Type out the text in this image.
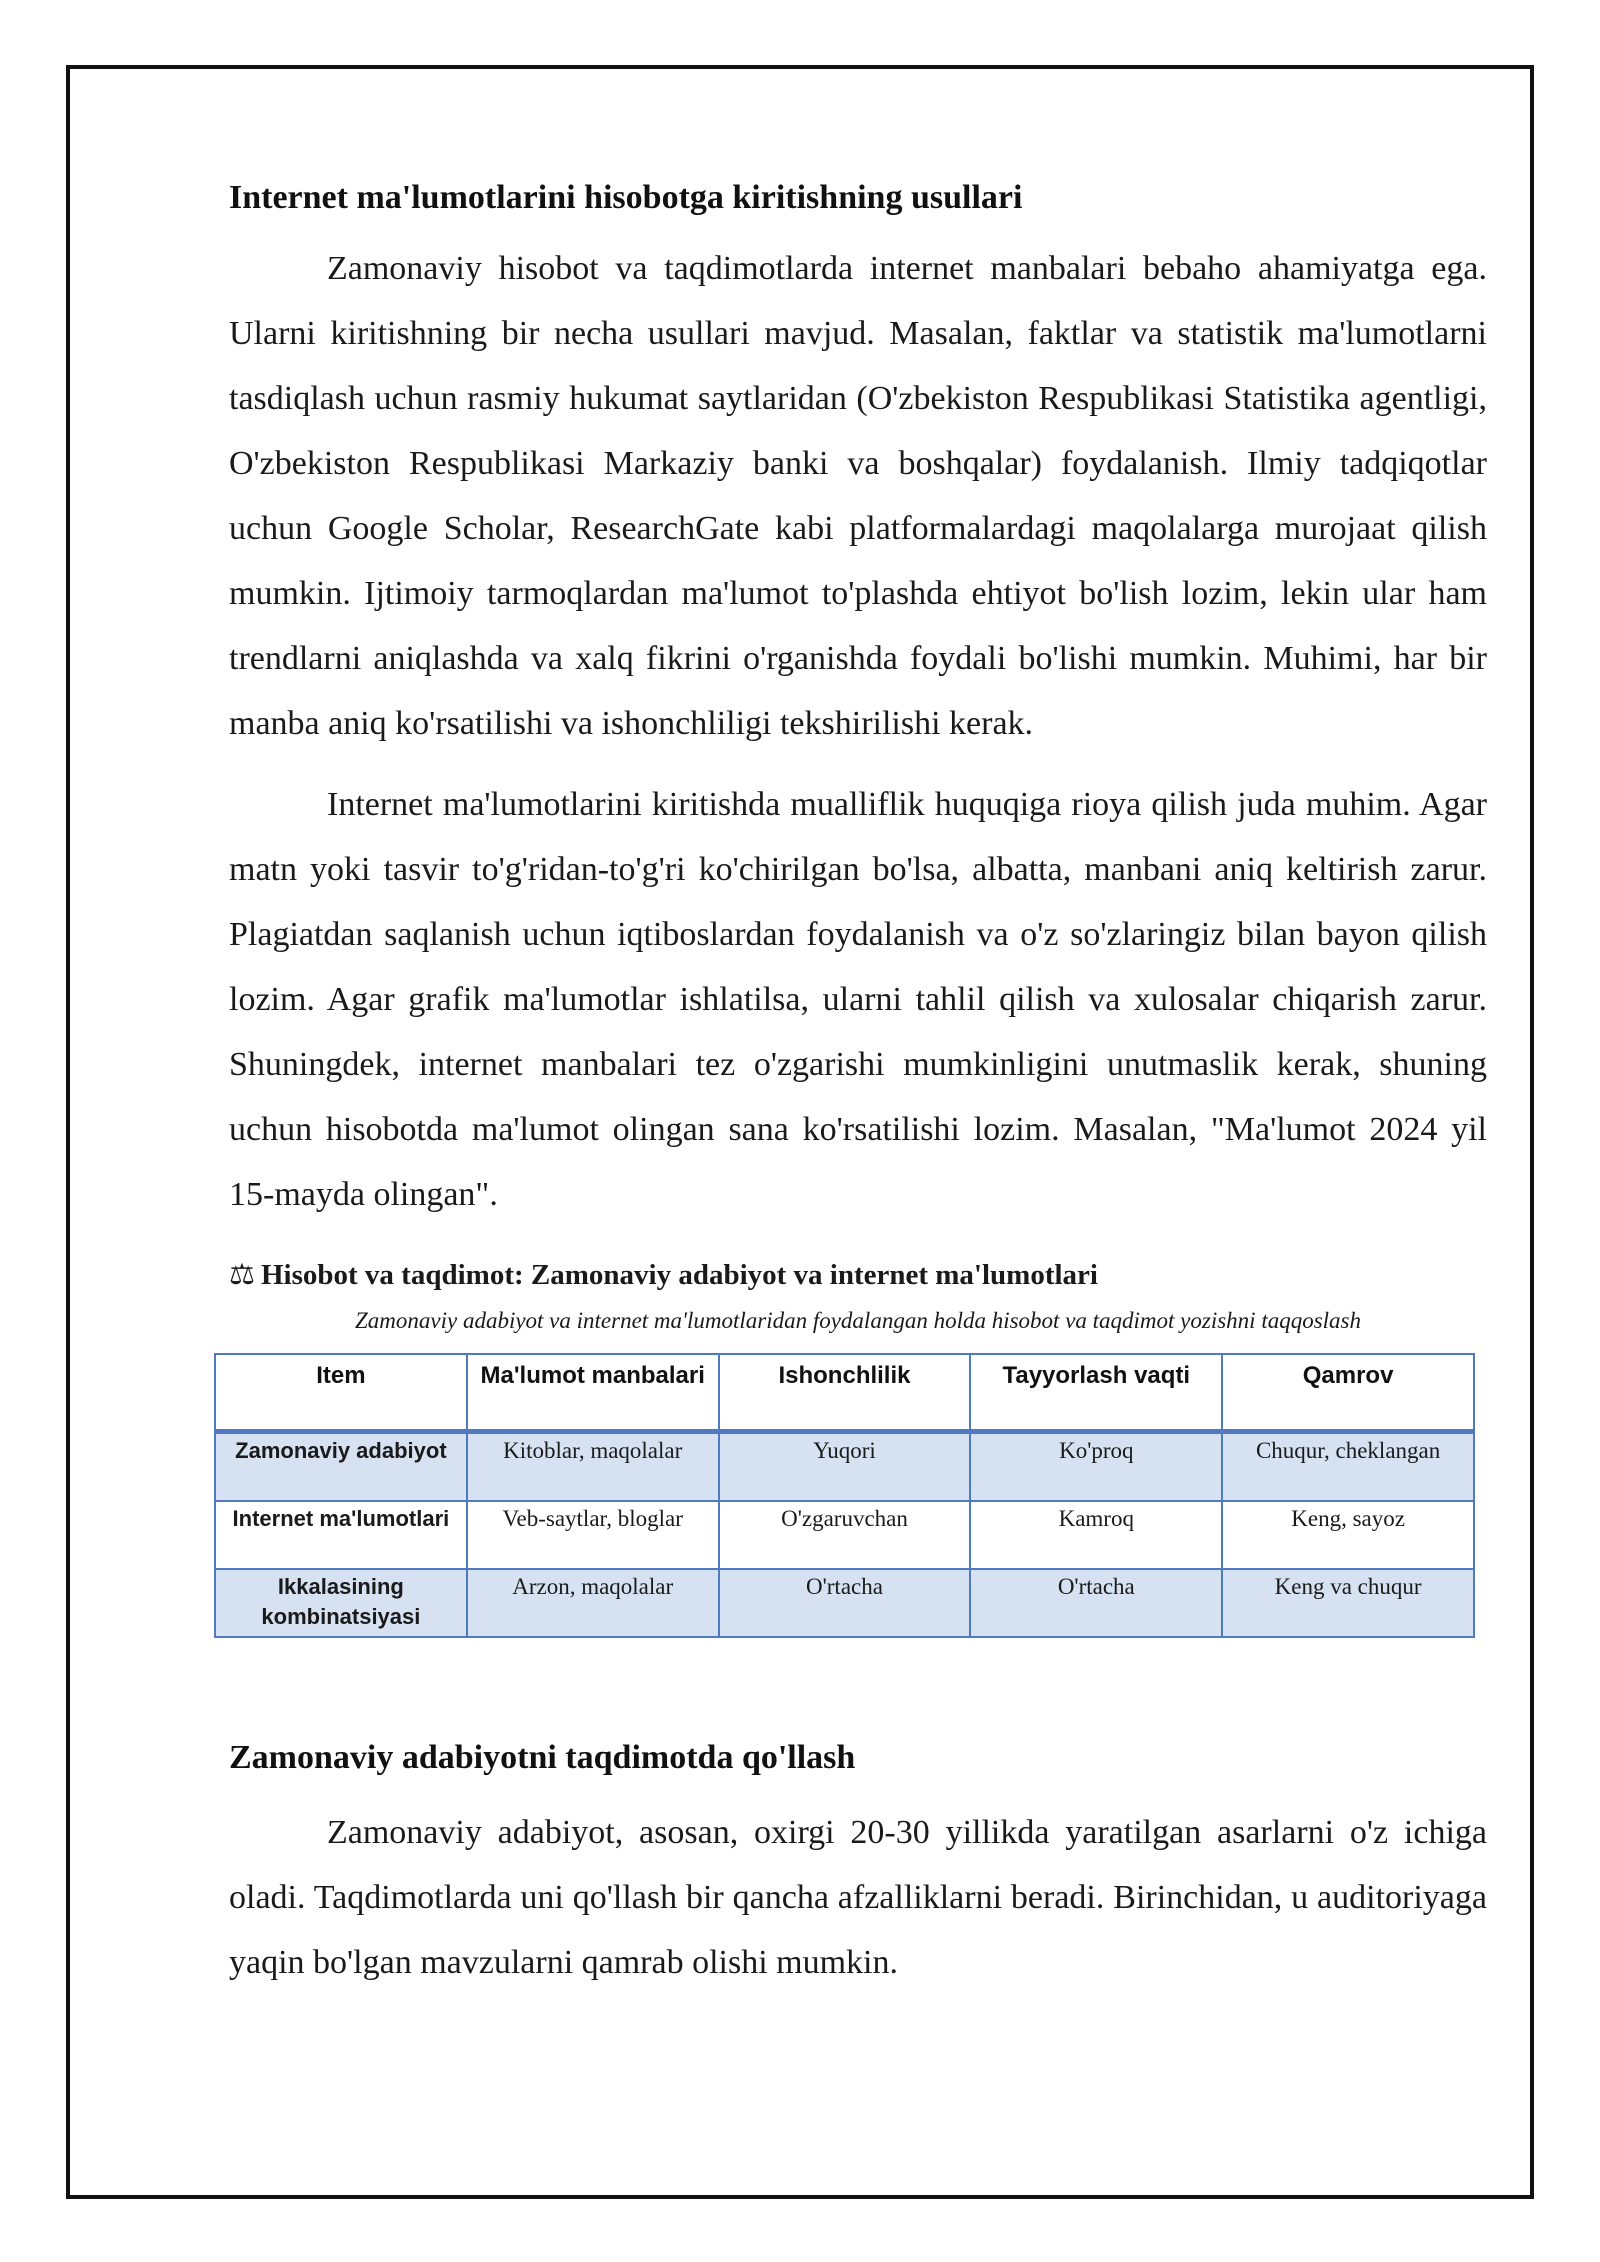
Internet ma'lumotlarini hisobotga kiritishning usullari

Zamonaviy hisobot va taqdimotlarda internet manbalari bebaho ahamiyatga ega. Ularni kiritishning bir necha usullari mavjud. Masalan, faktlar va statistik ma'lumotlarni tasdiqlash uchun rasmiy hukumat saytlaridan (O'zbekiston Respublikasi Statistika agentligi, O'zbekiston Respublikasi Markaziy banki va boshqalar) foydalanish. Ilmiy tadqiqotlar uchun Google Scholar, ResearchGate kabi platformalardagi maqolalarga murojaat qilish mumkin. Ijtimoiy tarmoqlardan ma'lumot to'plashda ehtiyot bo'lish lozim, lekin ular ham trendlarni aniqlashda va xalq fikrini o'rganishda foydali bo'lishi mumkin. Muhimi, har bir manba aniq ko'rsatilishi va ishonchliligi tekshirilishi kerak.

Internet ma'lumotlarini kiritishda mualliflik huquqiga rioya qilish juda muhim. Agar matn yoki tasvir to'g'ridan-to'g'ri ko'chirilgan bo'lsa, albatta, manbani aniq keltirish zarur. Plagiatdan saqlanish uchun iqtiboslardan foydalanish va o'z so'zlaringiz bilan bayon qilish lozim. Agar grafik ma'lumotlar ishlatilsa, ularni tahlil qilish va xulosalar chiqarish zarur. Shuningdek, internet manbalari tez o'zgarishi mumkinligini unutmaslik kerak, shuning uchun hisobotda ma'lumot olingan sana ko'rsatilishi lozim. Masalan, "Ma'lumot 2024 yil 15-mayda olingan".

⚖ Hisobot va taqdimot: Zamonaviy adabiyot va internet ma'lumotlari
Zamonaviy adabiyot va internet ma'lumotlaridan foydalangan holda hisobot va taqdimot yozishni taqqoslash
Item	Ma'lumot manbalari	Ishonchlilik	Tayyorlash vaqti	Qamrov
Zamonaviy adabiyot	Kitoblar, maqolalar	Yuqori	Ko'proq	Chuqur, cheklangan
Internet ma'lumotlari	Veb-saytlar, bloglar	O'zgaruvchan	Kamroq	Keng, sayoz
Ikkalasining kombinatsiyasi	Arzon, maqolalar	O'rtacha	O'rtacha	Keng va chuqur
Zamonaviy adabiyotni taqdimotda qo'llash

Zamonaviy adabiyot, asosan, oxirgi 20-30 yillikda yaratilgan asarlarni o'z ichiga oladi. Taqdimotlarda uni qo'llash bir qancha afzalliklarni beradi. Birinchidan, u auditoriyaga yaqin bo'lgan mavzularni qamrab olishi mumkin.
